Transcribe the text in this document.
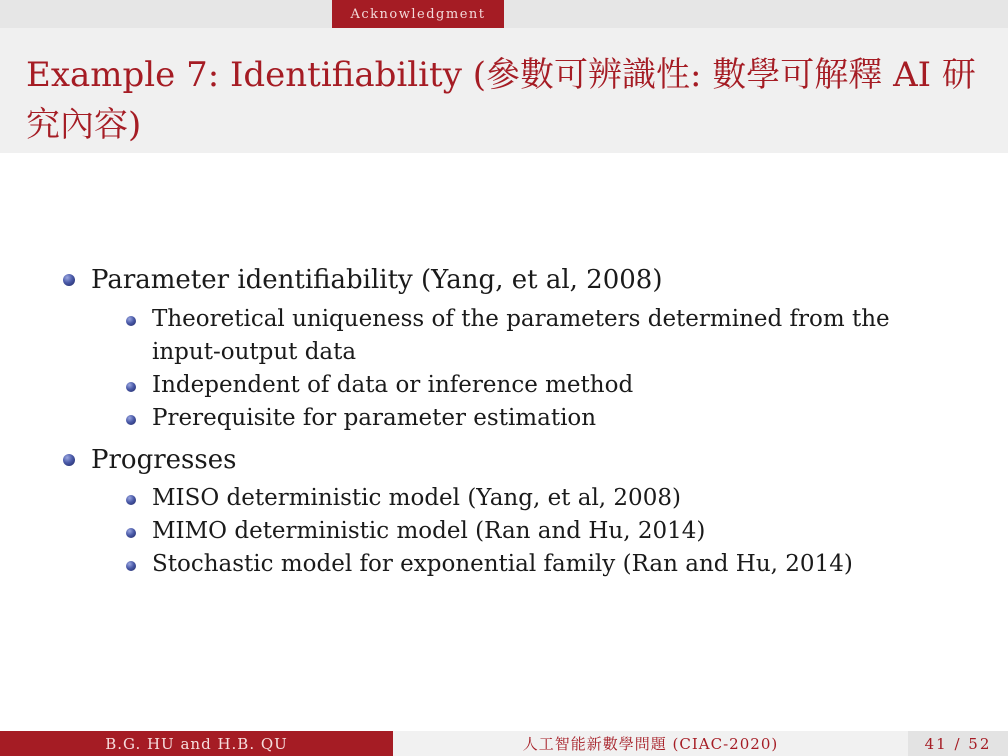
Acknowledgment
Example 7: Identifiability (參數可辨識性: 數學可解釋 AI 研究內容)
Parameter identifiability (Yang, et al, 2008)
Theoretical uniqueness of the parameters determined from the input-output data
Independent of data or inference method
Prerequisite for parameter estimation
Progresses
MISO deterministic model (Yang, et al, 2008)
MIMO deterministic model (Ran and Hu, 2014)
Stochastic model for exponential family (Ran and Hu, 2014)
B.G. HU and H.B. QU	人工智能新數學問題 (CIAC-2020)	41 / 52
